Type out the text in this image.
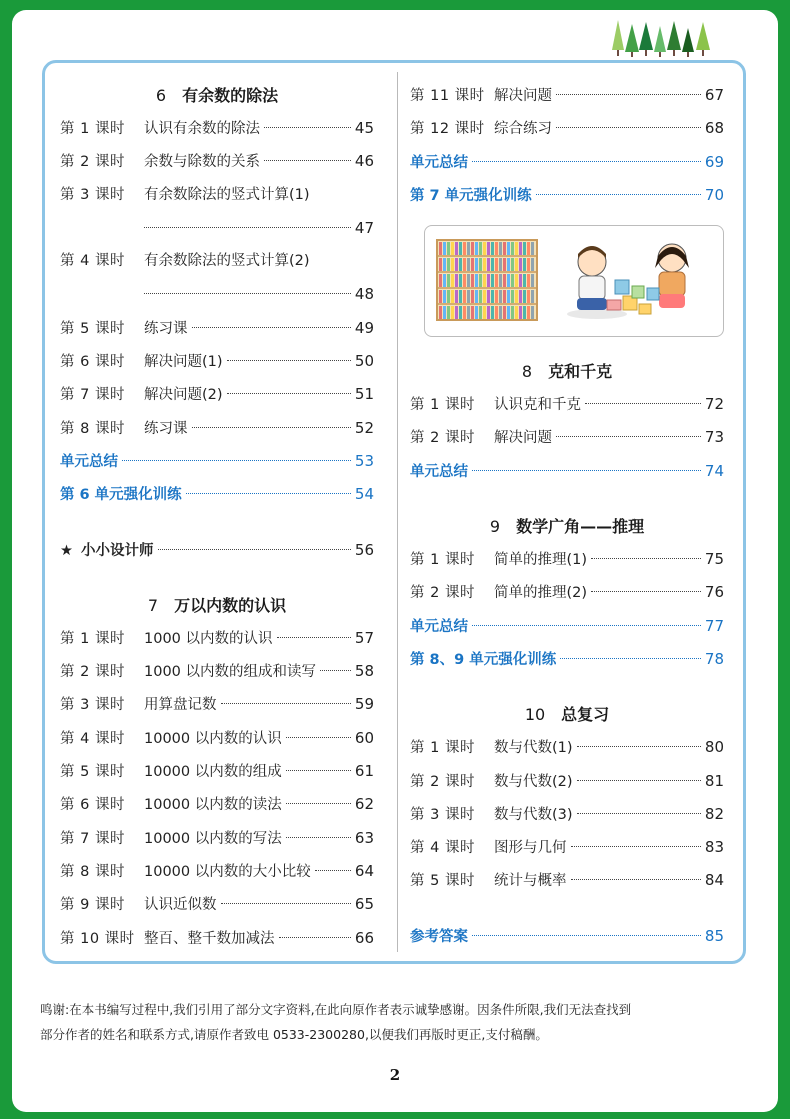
6 有余数的除法
第 1 课时	认识有余数的除法	45
第 2 课时	余数与除数的关系	46
第 3 课时	有余数除法的竖式计算(1)
47
第 4 课时	有余数除法的竖式计算(2)
48
第 5 课时	练习课	49
第 6 课时	解决问题(1)	50
第 7 课时	解决问题(2)	51
第 8 课时	练习课	52
单元总结	53
第 6 单元强化训练	54
★ 小小设计师	56
7 万以内数的认识
第 1 课时	1000 以内数的认识	57
第 2 课时	1000 以内数的组成和读写	58
第 3 课时	用算盘记数	59
第 4 课时	10000 以内数的认识	60
第 5 课时	10000 以内数的组成	61
第 6 课时	10000 以内数的读法	62
第 7 课时	10000 以内数的写法	63
第 8 课时	10000 以内数的大小比较	64
第 9 课时	认识近似数	65
第 10 课时 整百、整千数加减法	66
第 11 课时 解决问题	67
第 12 课时 综合练习	68
单元总结	69
第 7 单元强化训练	70
8 克和千克
第 1 课时	认识克和千克	72
第 2 课时	解决问题	73
单元总结	74
9 数学广角——推理
第 1 课时	简单的推理(1)	75
第 2 课时	简单的推理(2)	76
单元总结	77
第 8、9 单元强化训练	78
10 总复习
第 1 课时	数与代数(1)	80
第 2 课时	数与代数(2)	81
第 3 课时	数与代数(3)	82
第 4 课时	图形与几何	83
第 5 课时	统计与概率	84
参考答案	85
鸣谢:在本书编写过程中,我们引用了部分文字资料,在此向原作者表示诚挚感谢。因条件所限,我们无法查找到
部分作者的姓名和联系方式,请原作者致电 0533-2300280,以便我们再版时更正,支付稿酬。
2
